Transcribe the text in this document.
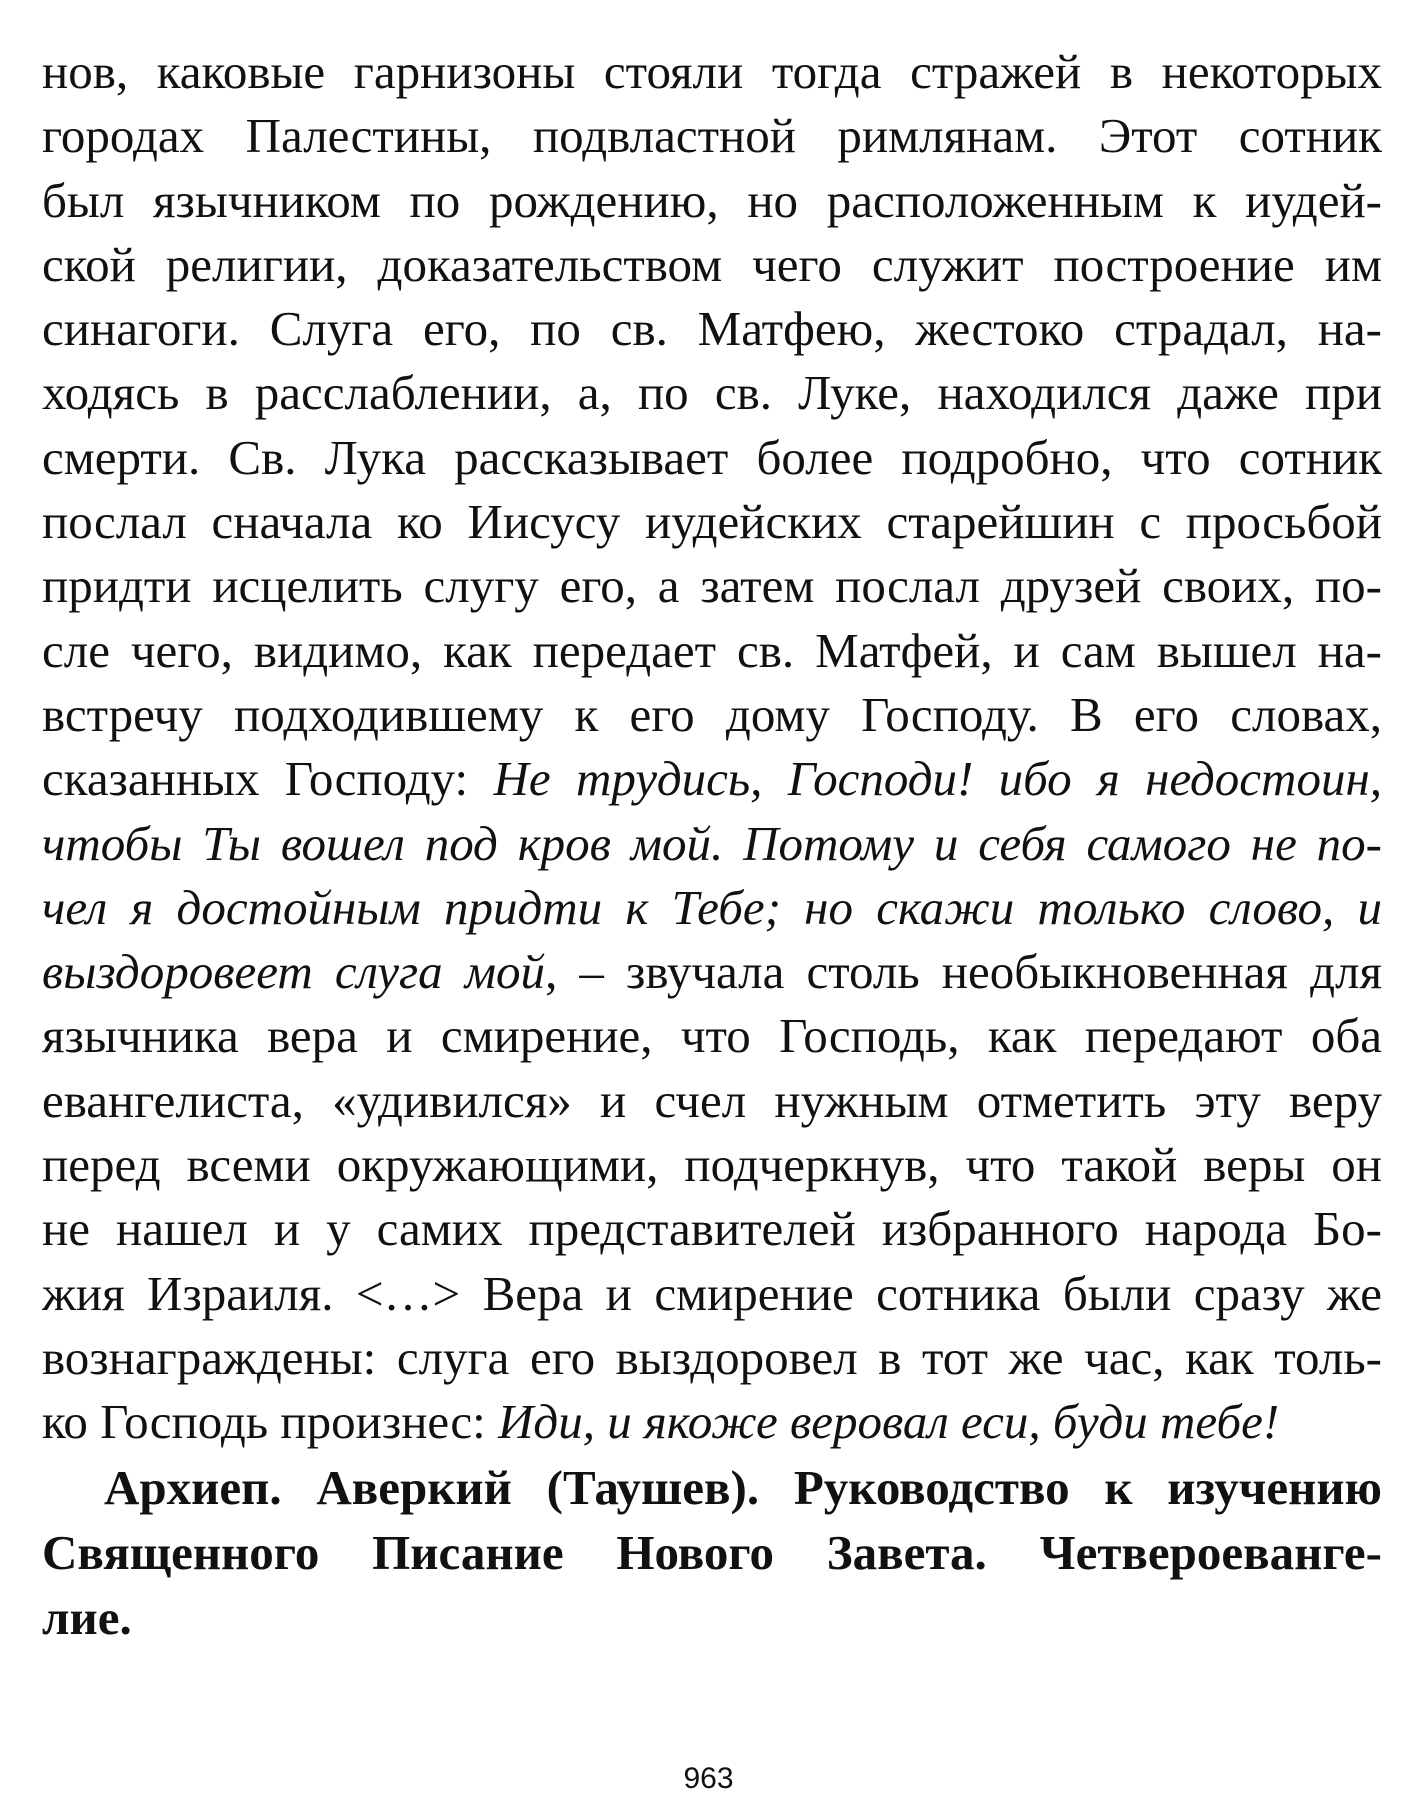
нов, каковые гарнизоны стояли тогда стражей в некоторых
городах Палестины, подвластной римлянам. Этот сотник
был язычником по рождению, но расположенным к иудей-
ской религии, доказательством чего служит построение им
синагоги. Слуга его, по св. Матфею, жестоко страдал, на-
ходясь в расслаблении, а, по св. Луке, находился даже при
смерти. Св. Лука рассказывает более подробно, что сотник
послал сначала ко Иисусу иудейских старейшин с просьбой
придти исцелить слугу его, а затем послал друзей своих, по-
сле чего, видимо, как передает св. Матфей, и сам вышел на-
встречу подходившему к его дому Господу. В его словах,
сказанных Господу: Не трудись, Господи! ибо я недостоин,
чтобы Ты вошел под кров мой. Потому и себя самого не по-
чел я достойным придти к Тебе; но скажи только слово, и
выздоровеет слуга мой, – звучала столь необыкновенная для
язычника вера и смирение, что Господь, как передают оба
евангелиста, «удивился» и счел нужным отметить эту веру
перед всеми окружающими, подчеркнув, что такой веры он
не нашел и у самих представителей избранного народа Бо-
жия Израиля. <…> Вера и смирение сотника были сразу же
вознаграждены: слуга его выздоровел в тот же час, как толь-
ко Господь произнес: Иди, и якоже веровал еси, буди тебе!
Архиеп. Аверкий (Таушев). Руководство к изучению
Священного Писание Нового Завета. Четвероеванге-
лие.
963
